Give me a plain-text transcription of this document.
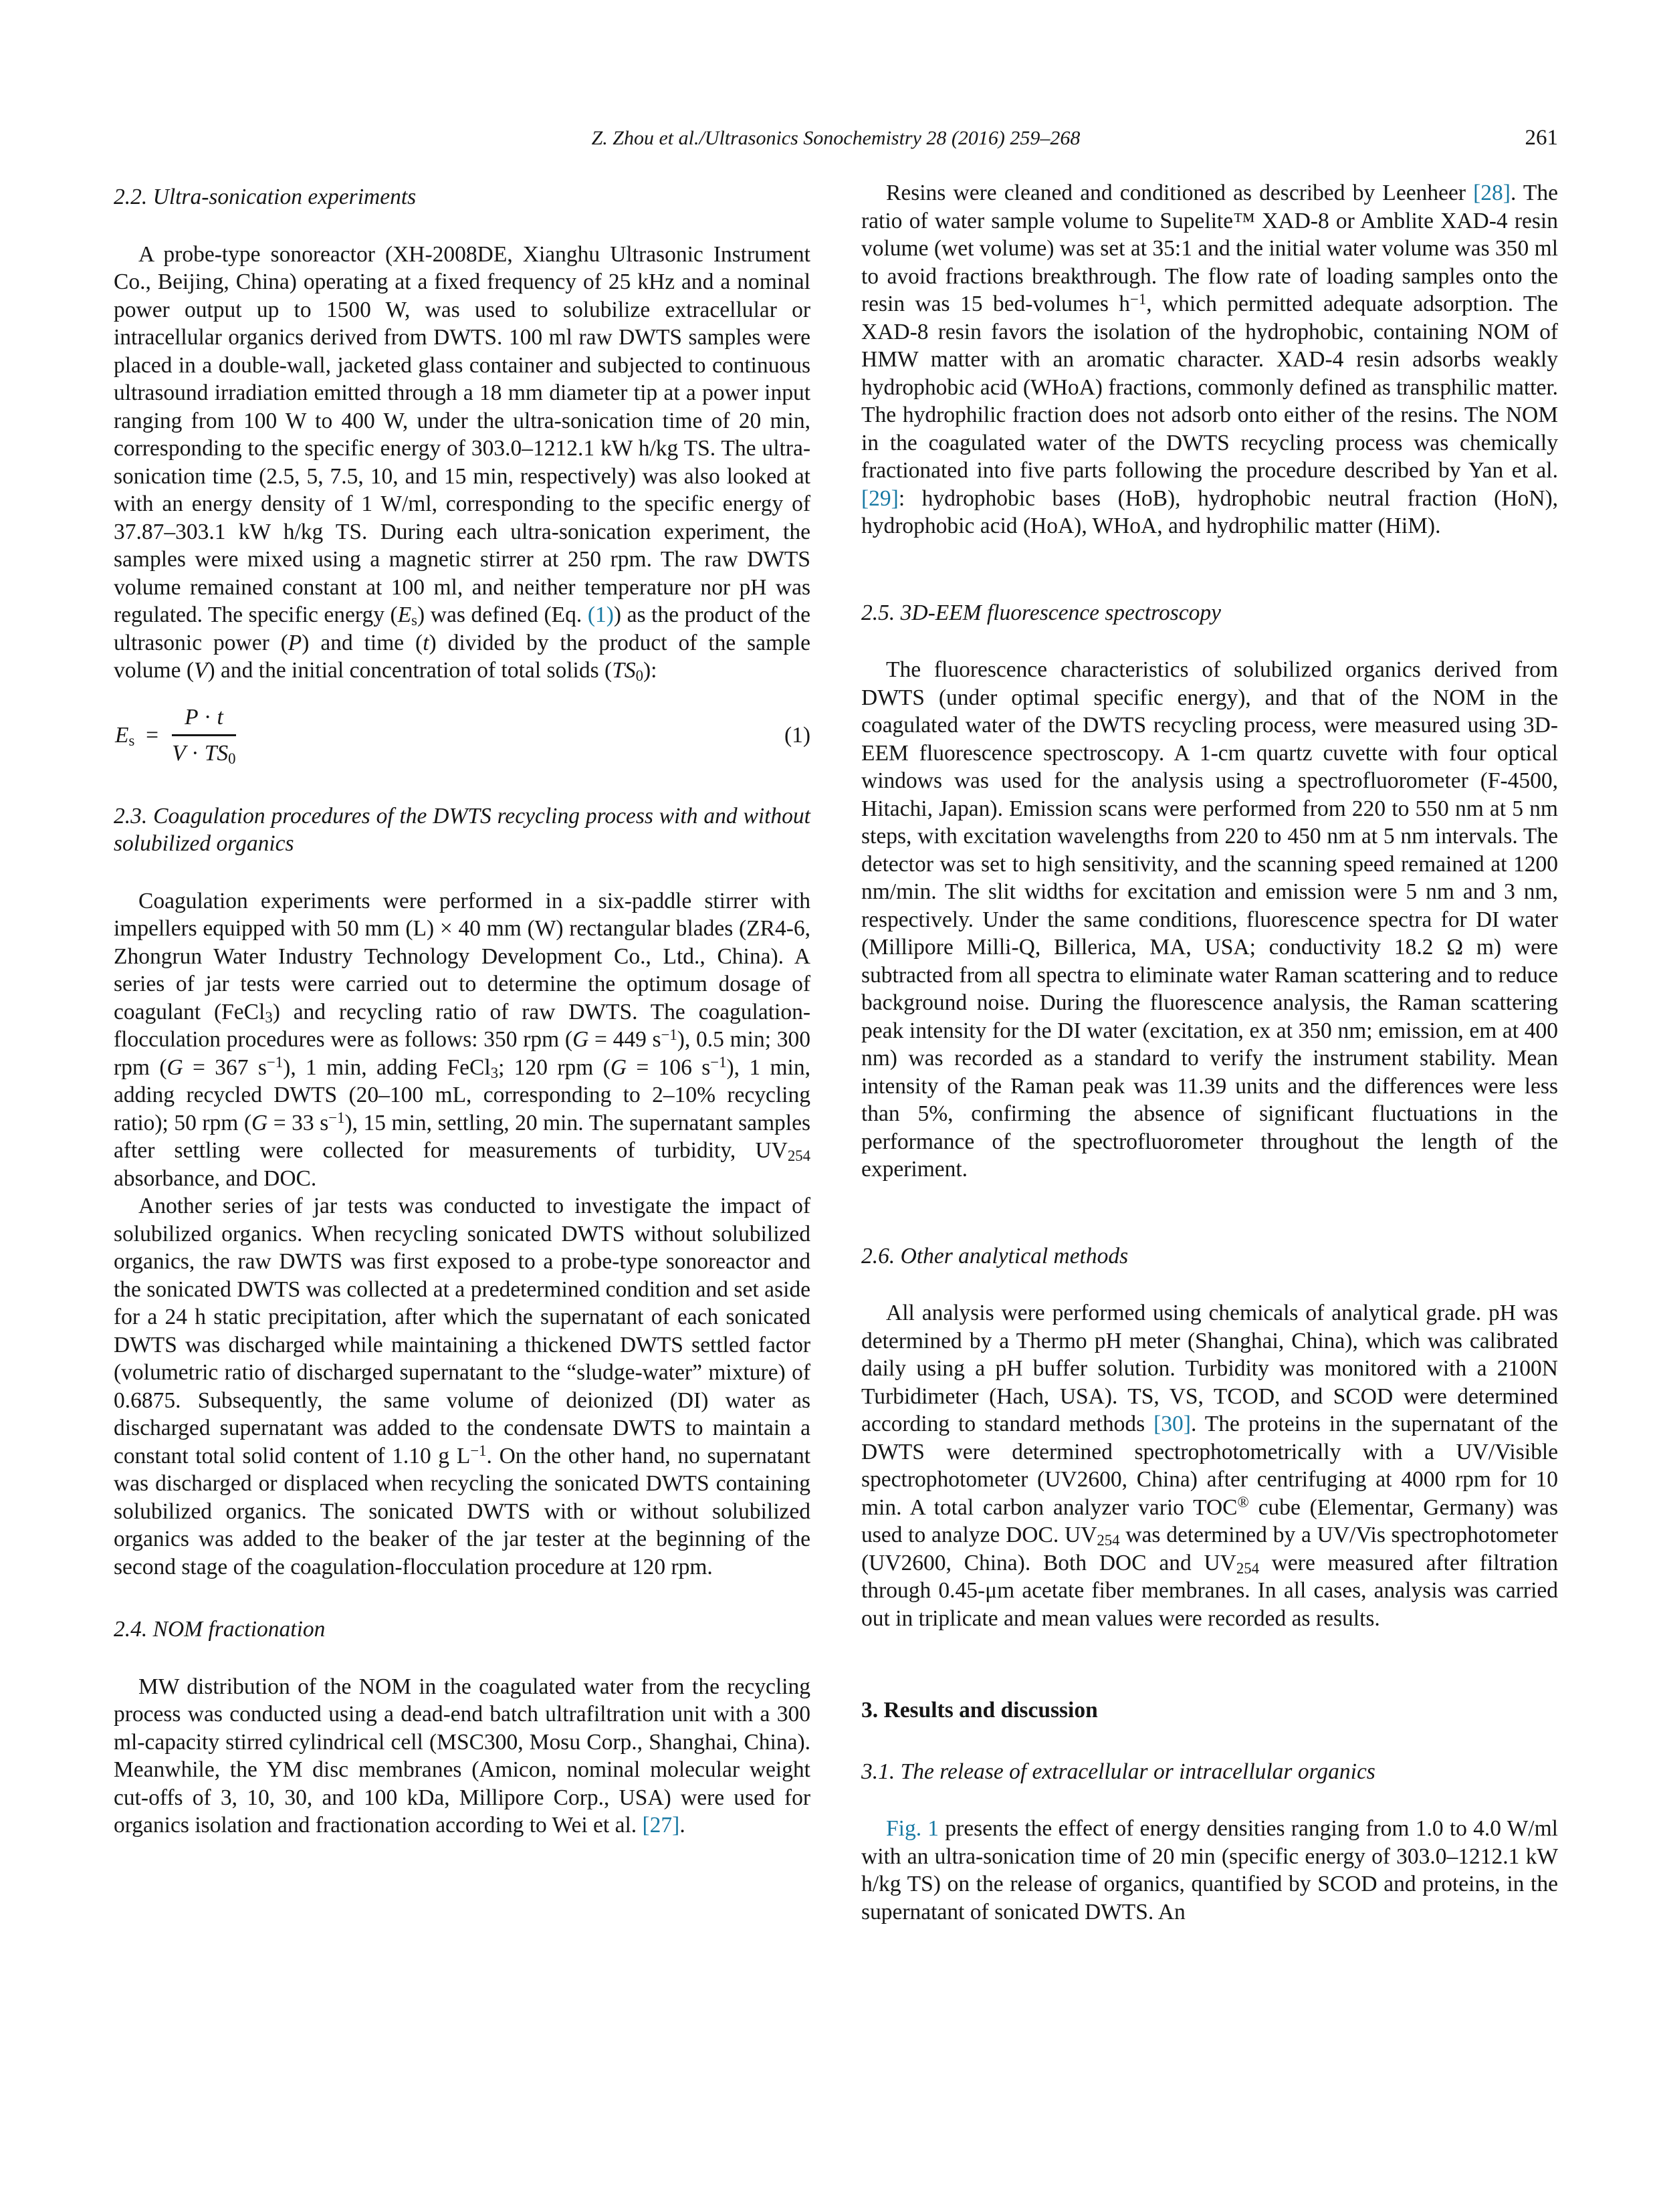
Z. Zhou et al./Ultrasonics Sonochemistry 28 (2016) 259–268	261
2.2. Ultra-sonication experiments

A probe-type sonoreactor (XH-2008DE, Xianghu Ultrasonic Instrument Co., Beijing, China) operating at a fixed frequency of 25 kHz and a nominal power output up to 1500 W, was used to solubilize extracellular or intracellular organics derived from DWTS. 100 ml raw DWTS samples were placed in a double-wall, jacketed glass container and subjected to continuous ultrasound irradiation emitted through a 18 mm diameter tip at a power input ranging from 100 W to 400 W, under the ultra-sonication time of 20 min, corresponding to the specific energy of 303.0–1212.1 kW h/kg TS. The ultra-sonication time (2.5, 5, 7.5, 10, and 15 min, respectively) was also looked at with an energy density of 1 W/ml, corresponding to the specific energy of 37.87–303.1 kW h/kg TS. During each ultra-sonication experiment, the samples were mixed using a magnetic stirrer at 250 rpm. The raw DWTS volume remained constant at 100 ml, and neither temperature nor pH was regulated. The specific energy $(E_s)$ was defined (Eq. (1)) as the product of the ultrasonic power (P) and time (t) divided by the product of the sample volume (V) and the initial concentration of total solids $(TS_0)$:

$E_s = \frac{P \cdot t}{V \cdot TS_0}$	(1)
2.3. Coagulation procedures of the DWTS recycling process with and without solubilized organics

Coagulation experiments were performed in a six-paddle stirrer with impellers equipped with 50 mm (L) × 40 mm (W) rectangular blades (ZR4-6, Zhongrun Water Industry Technology Development Co., Ltd., China). A series of jar tests were carried out to determine the optimum dosage of coagulant (FeCl$_3$) and recycling ratio of raw DWTS. The coagulation-flocculation procedures were as follows: 350 rpm (G = 449 $s^{-1}$), 0.5 min; 300 rpm (G = 367 $s^{-1}$), 1 min, adding FeCl$_3$; 120 rpm (G = 106 $s^{-1}$), 1 min, adding recycled DWTS (20–100 mL, corresponding to 2–10% recycling ratio); 50 rpm (G = 33 $s^{-1}$), 15 min, settling, 20 min. The supernatant samples after settling were collected for measurements of turbidity, $UV_{254}$ absorbance, and DOC.

Another series of jar tests was conducted to investigate the impact of solubilized organics. When recycling sonicated DWTS without solubilized organics, the raw DWTS was first exposed to a probe-type sonoreactor and the sonicated DWTS was collected at a predetermined condition and set aside for a 24 h static precipitation, after which the supernatant of each sonicated DWTS was discharged while maintaining a thickened DWTS settled factor (volumetric ratio of discharged supernatant to the “sludge-water” mixture) of 0.6875. Subsequently, the same volume of deionized (DI) water as discharged supernatant was added to the condensate DWTS to maintain a constant total solid content of 1.10 g $L^{-1}$. On the other hand, no supernatant was discharged or displaced when recycling the sonicated DWTS containing solubilized organics. The sonicated DWTS with or without solubilized organics was added to the beaker of the jar tester at the beginning of the second stage of the coagulation-flocculation procedure at 120 rpm.

2.4. NOM fractionation

MW distribution of the NOM in the coagulated water from the recycling process was conducted using a dead-end batch ultrafiltration unit with a 300 ml-capacity stirred cylindrical cell (MSC300, Mosu Corp., Shanghai, China). Meanwhile, the YM disc membranes (Amicon, nominal molecular weight cut-offs of 3, 10, 30, and 100 kDa, Millipore Corp., USA) were used for organics isolation and fractionation according to Wei et al. [27].

Resins were cleaned and conditioned as described by Leenheer [28]. The ratio of water sample volume to Supelite™ XAD-8 or Amblite XAD-4 resin volume (wet volume) was set at 35:1 and the initial water volume was 350 ml to avoid fractions breakthrough. The flow rate of loading samples onto the resin was 15 bed-volumes $h^{-1}$, which permitted adequate adsorption. The XAD-8 resin favors the isolation of the hydrophobic, containing NOM of HMW matter with an aromatic character. XAD-4 resin adsorbs weakly hydrophobic acid (WHoA) fractions, commonly defined as transphilic matter. The hydrophilic fraction does not adsorb onto either of the resins. The NOM in the coagulated water of the DWTS recycling process was chemically fractionated into five parts following the procedure described by Yan et al. [29]: hydrophobic bases (HoB), hydrophobic neutral fraction (HoN), hydrophobic acid (HoA), WHoA, and hydrophilic matter (HiM).

2.5. 3D-EEM fluorescence spectroscopy

The fluorescence characteristics of solubilized organics derived from DWTS (under optimal specific energy), and that of the NOM in the coagulated water of the DWTS recycling process, were measured using 3D-EEM fluorescence spectroscopy. A 1-cm quartz cuvette with four optical windows was used for the analysis using a spectrofluorometer (F-4500, Hitachi, Japan). Emission scans were performed from 220 to 550 nm at 5 nm steps, with excitation wavelengths from 220 to 450 nm at 5 nm intervals. The detector was set to high sensitivity, and the scanning speed remained at 1200 nm/min. The slit widths for excitation and emission were 5 nm and 3 nm, respectively. Under the same conditions, fluorescence spectra for DI water (Millipore Milli-Q, Billerica, MA, USA; conductivity 18.2 Ω m) were subtracted from all spectra to eliminate water Raman scattering and to reduce background noise. During the fluorescence analysis, the Raman scattering peak intensity for the DI water (excitation, ex at 350 nm; emission, em at 400 nm) was recorded as a standard to verify the instrument stability. Mean intensity of the Raman peak was 11.39 units and the differences were less than 5%, confirming the absence of significant fluctuations in the performance of the spectrofluorometer throughout the length of the experiment.

2.6. Other analytical methods

All analysis were performed using chemicals of analytical grade. pH was determined by a Thermo pH meter (Shanghai, China), which was calibrated daily using a pH buffer solution. Turbidity was monitored with a 2100N Turbidimeter (Hach, USA). TS, VS, TCOD, and SCOD were determined according to standard methods [30]. The proteins in the supernatant of the DWTS were determined spectrophotometrically with a UV/Visible spectrophotometer (UV2600, China) after centrifuging at 4000 rpm for 10 min. A total carbon analyzer vario TOC® cube (Elementar, Germany) was used to analyze DOC. $UV_{254}$ was determined by a UV/Vis spectrophotometer (UV2600, China). Both DOC and $UV_{254}$ were measured after filtration through 0.45-μm acetate fiber membranes. In all cases, analysis was carried out in triplicate and mean values were recorded as results.

3. Results and discussion
3.1. The release of extracellular or intracellular organics

Fig. 1 presents the effect of energy densities ranging from 1.0 to 4.0 W/ml with an ultra-sonication time of 20 min (specific energy of 303.0–1212.1 kW h/kg TS) on the release of organics, quantified by SCOD and proteins, in the supernatant of sonicated DWTS. An
